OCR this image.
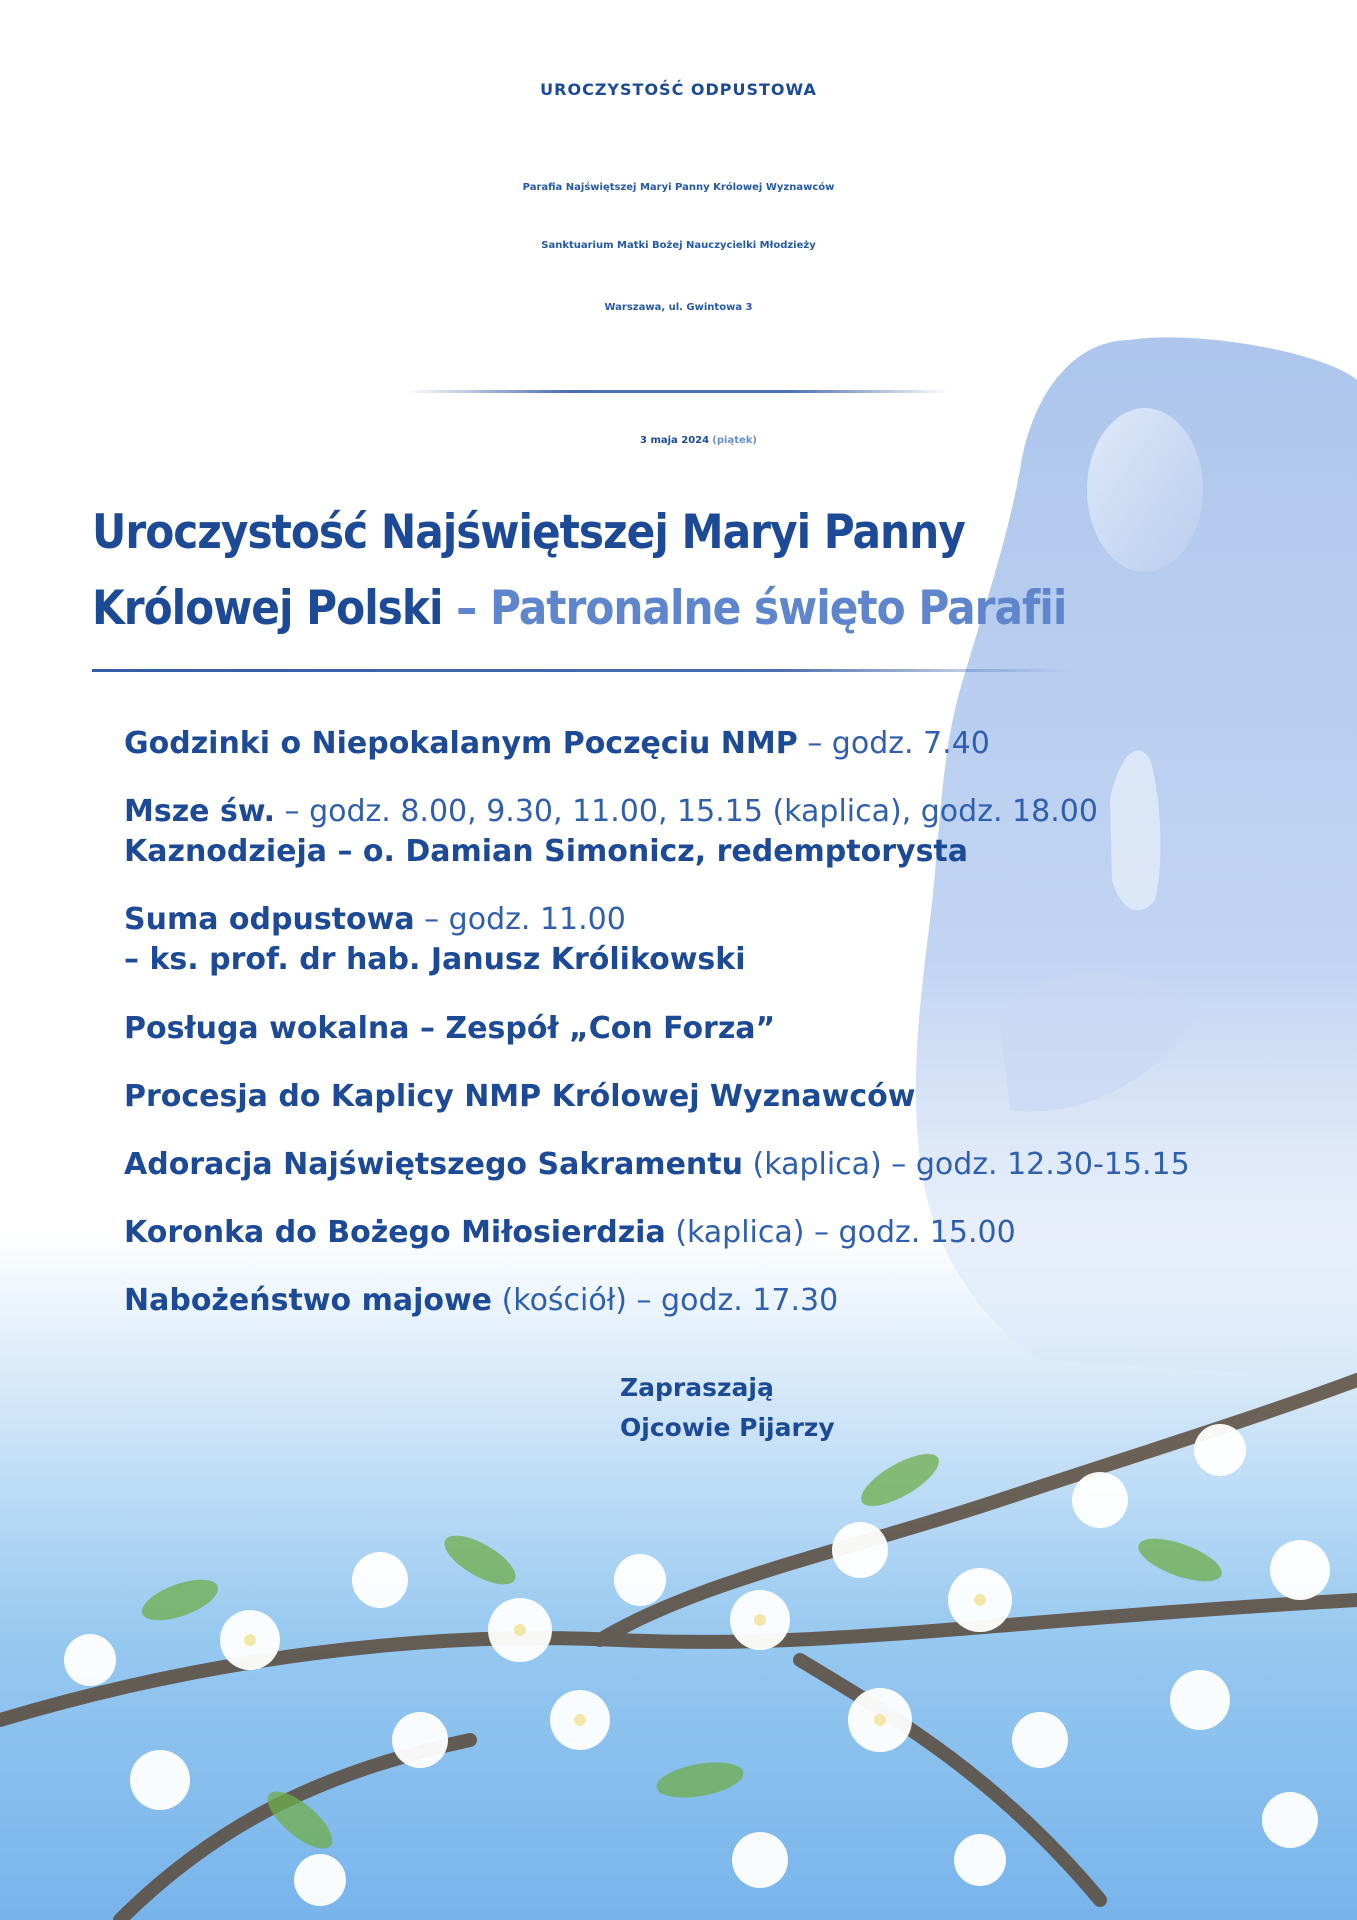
UROCZYSTOŚĆ ODPUSTOWA
Parafia Najświętszej Maryi Panny Królowej Wyznawców
Sanktuarium Matki Bożej Nauczycielki Młodzieży
Warszawa, ul. Gwintowa 3
3 maja 2024 (piątek)
Uroczystość Najświętszej Maryi Panny
Królowej Polski – Patronalne święto Parafii
Godzinki o Niepokalanym Poczęciu NMP – godz. 7.40
Msze św. – godz. 8.00, 9.30, 11.00, 15.15 (kaplica), godz. 18.00
Kaznodzieja – o. Damian Simonicz, redemptorysta
Suma odpustowa – godz. 11.00
– ks. prof. dr hab. Janusz Królikowski
Posługa wokalna – Zespół „Con Forza”
Procesja do Kaplicy NMP Królowej Wyznawców
Adoracja Najświętszego Sakramentu (kaplica) – godz. 12.30-15.15
Koronka do Bożego Miłosierdzia (kaplica) – godz. 15.00
Nabożeństwo majowe (kościół) – godz. 17.30
Zapraszają
Ojcowie Pijarzy
